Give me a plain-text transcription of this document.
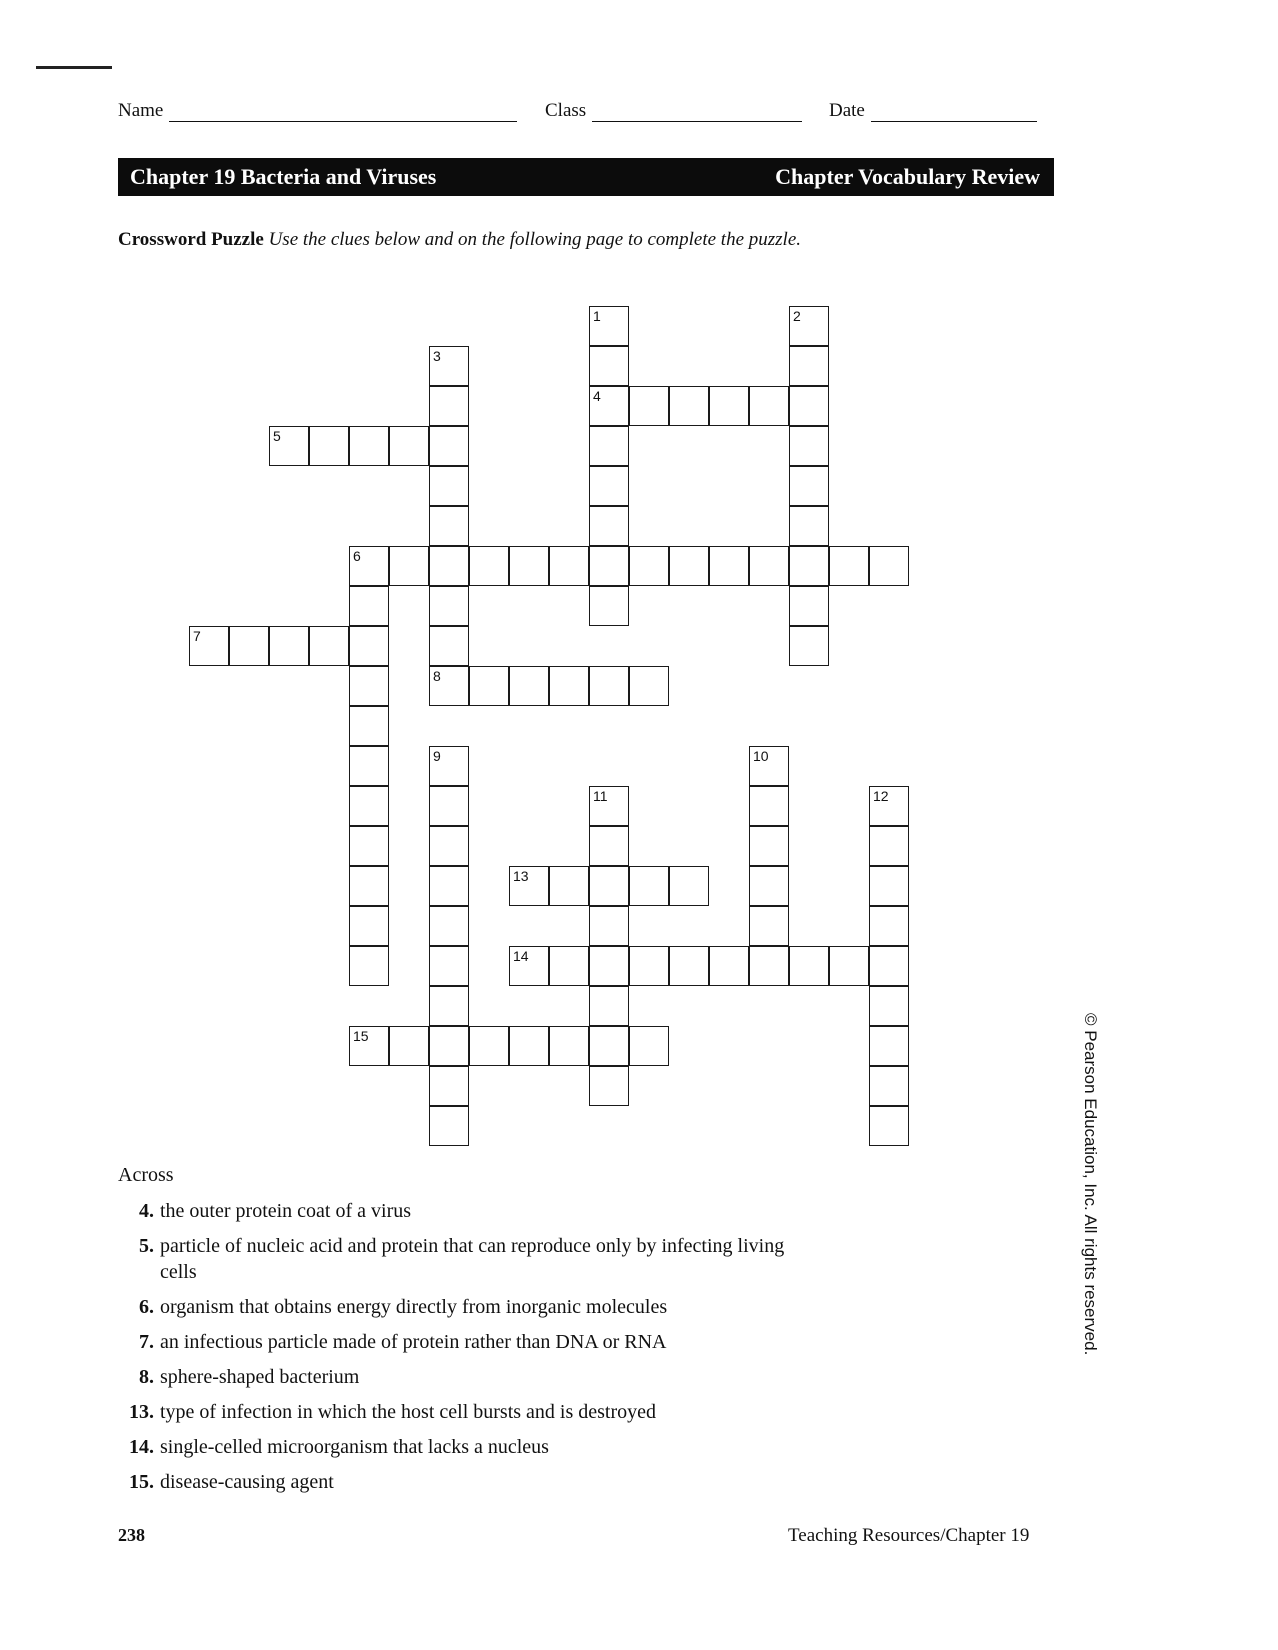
Name	Class	Date
Chapter 19 Bacteria and Viruses	Chapter Vocabulary Review
Crossword Puzzle Use the clues below and on the following page to complete the puzzle.
1
4
2
3
5
6
7
8
9	10
11	12
13
14
15
Across
4. the outer protein coat of a virus
5. particle of nucleic acid and protein that can reproduce only by infecting living cells
6. organism that obtains energy directly from inorganic molecules
7. an infectious particle made of protein rather than DNA or RNA
8. sphere-shaped bacterium
13. type of infection in which the host cell bursts and is destroyed
14. single-celled microorganism that lacks a nucleus
15. disease-causing agent
238	Teaching Resources/Chapter 19
© Pearson Education, Inc. All rights reserved.
